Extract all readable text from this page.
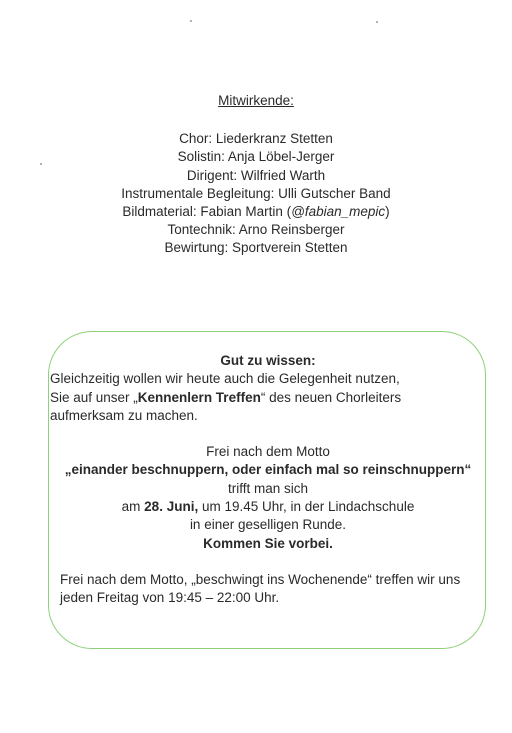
Mitwirkende:
Chor: Liederkranz Stetten
Solistin: Anja Löbel-Jerger
Dirigent: Wilfried Warth
Instrumentale Begleitung: Ulli Gutscher Band
Bildmaterial: Fabian Martin (@fabian_mepic)
Tontechnik: Arno Reinsberger
Bewirtung: Sportverein Stetten
Gut zu wissen:
Gleichzeitig wollen wir heute auch die Gelegenheit nutzen,
Sie auf unser „Kennenlern Treffen“ des neuen Chorleiters
aufmerksam zu machen.
Frei nach dem Motto
„einander beschnuppern, oder einfach mal so reinschnuppern“
trifft man sich
am 28. Juni, um 19.45 Uhr, in der Lindachschule
in einer geselligen Runde.
Kommen Sie vorbei.
Frei nach dem Motto, „beschwingt ins Wochenende“ treffen wir uns
jeden Freitag von 19:45 – 22:00 Uhr.
